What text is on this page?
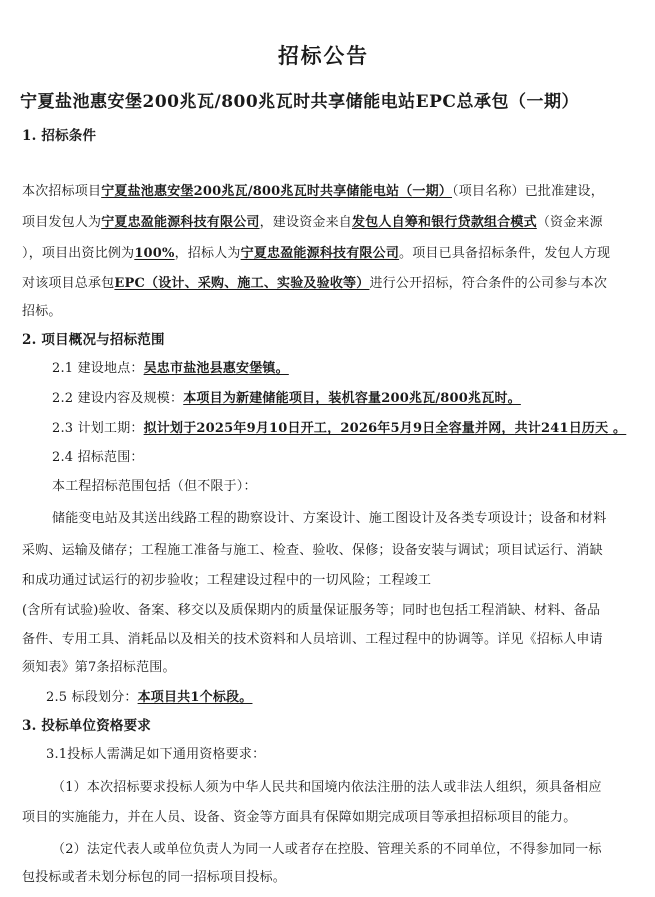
招标公告
宁夏盐池惠安堡200兆瓦/800兆瓦时共享储能电站EPC总承包（一期）
1. 招标条件
本次招标项目宁夏盐池惠安堡200兆瓦/800兆瓦时共享储能电站（一期）（项目名称）已批准建设，
项目发包人为宁夏忠盈能源科技有限公司，建设资金来自发包人自筹和银行贷款组合模式（资金来源
），项目出资比例为100%，招标人为宁夏忠盈能源科技有限公司。项目已具备招标条件，发包人方现
对该项目总承包EPC（设计、采购、施工、实验及验收等）进行公开招标，符合条件的公司参与本次
招标。
2. 项目概况与招标范围
2.1 建设地点：吴忠市盐池县惠安堡镇。
2.2 建设内容及规模：本项目为新建储能项目，装机容量200兆瓦/800兆瓦时。
2.3 计划工期：拟计划于2025年9月10日开工，2026年5月9日全容量并网，共计241日历天 。
2.4 招标范围：
本工程招标范围包括（但不限于）：
储能变电站及其送出线路工程的勘察设计、方案设计、施工图设计及各类专项设计；设备和材料
采购、运输及储存；工程施工准备与施工、检查、验收、保修；设备安装与调试；项目试运行、消缺
和成功通过试运行的初步验收；工程建设过程中的一切风险；工程竣工
(含所有试验)验收、备案、移交以及质保期内的质量保证服务等；同时也包括工程消缺、材料、备品
备件、专用工具、消耗品以及相关的技术资料和人员培训、工程过程中的协调等。详见《招标人申请
须知表》第7条招标范围。
2.5 标段划分：本项目共1个标段。
3. 投标单位资格要求
3.1投标人需满足如下通用资格要求：
（1）本次招标要求投标人须为中华人民共和国境内依法注册的法人或非法人组织，须具备相应
项目的实施能力，并在人员、设备、资金等方面具有保障如期完成项目等承担招标项目的能力。
（2）法定代表人或单位负责人为同一人或者存在控股、管理关系的不同单位，不得参加同一标
包投标或者未划分标包的同一招标项目投标。
